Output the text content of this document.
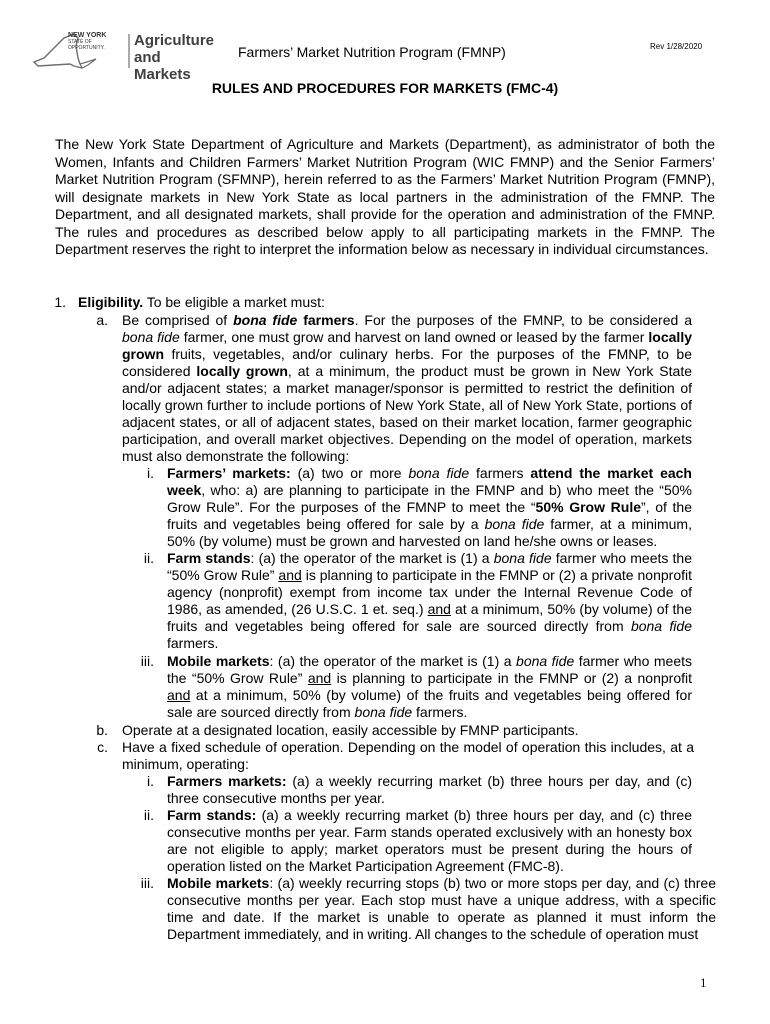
NEW YORK
STATE OF
OPPORTUNITY. Agriculture
and Markets
Farmers’ Market Nutrition Program (FMNP)	Rev 1/28/2020
RULES AND PROCEDURES FOR MARKETS (FMC-4)
The New York State Department of Agriculture and Markets (Department), as administrator of both the Women, Infants and Children Farmers’ Market Nutrition Program (WIC FMNP) and the Senior Farmers’ Market Nutrition Program (SFMNP), herein referred to as the Farmers’ Market Nutrition Program (FMNP), will designate markets in New York State as local partners in the administration of the FMNP. The Department, and all designated markets, shall provide for the operation and administration of the FMNP. The rules and procedures as described below apply to all participating markets in the FMNP. The Department reserves the right to interpret the information below as necessary in individual circumstances.
1. Eligibility. To be eligible a market must:
a. Be comprised of bona fide farmers. For the purposes of the FMNP, to be considered a bona fide farmer, one must grow and harvest on land owned or leased by the farmer locally grown fruits, vegetables, and/or culinary herbs. For the purposes of the FMNP, to be considered locally grown, at a minimum, the product must be grown in New York State and/or adjacent states; a market manager/sponsor is permitted to restrict the definition of locally grown further to include portions of New York State, all of New York State, portions of adjacent states, or all of adjacent states, based on their market location, farmer geographic participation, and overall market objectives. Depending on the model of operation, markets must also demonstrate the following:
i. Farmers’ markets: (a) two or more bona fide farmers attend the market each week, who: a) are planning to participate in the FMNP and b) who meet the “50% Grow Rule”. For the purposes of the FMNP to meet the “50% Grow Rule”, of the fruits and vegetables being offered for sale by a bona fide farmer, at a minimum, 50% (by volume) must be grown and harvested on land he/she owns or leases.
ii. Farm stands: (a) the operator of the market is (1) a bona fide farmer who meets the “50% Grow Rule” and is planning to participate in the FMNP or (2) a private nonprofit agency (nonprofit) exempt from income tax under the Internal Revenue Code of 1986, as amended, (26 U.S.C. 1 et. seq.) and at a minimum, 50% (by volume) of the fruits and vegetables being offered for sale are sourced directly from bona fide farmers.
iii. Mobile markets: (a) the operator of the market is (1) a bona fide farmer who meets the “50% Grow Rule” and is planning to participate in the FMNP or (2) a nonprofit and at a minimum, 50% (by volume) of the fruits and vegetables being offered for sale are sourced directly from bona fide farmers.
b. Operate at a designated location, easily accessible by FMNP participants.
c. Have a fixed schedule of operation. Depending on the model of operation this includes, at a minimum, operating:
i. Farmers markets: (a) a weekly recurring market (b) three hours per day, and (c) three consecutive months per year.
ii. Farm stands: (a) a weekly recurring market (b) three hours per day, and (c) three consecutive months per year. Farm stands operated exclusively with an honesty box are not eligible to apply; market operators must be present during the hours of operation listed on the Market Participation Agreement (FMC-8).
iii. Mobile markets: (a) weekly recurring stops (b) two or more stops per day, and (c) three consecutive months per year. Each stop must have a unique address, with a specific time and date. If the market is unable to operate as planned it must inform the Department immediately, and in writing. All changes to the schedule of operation must
1
